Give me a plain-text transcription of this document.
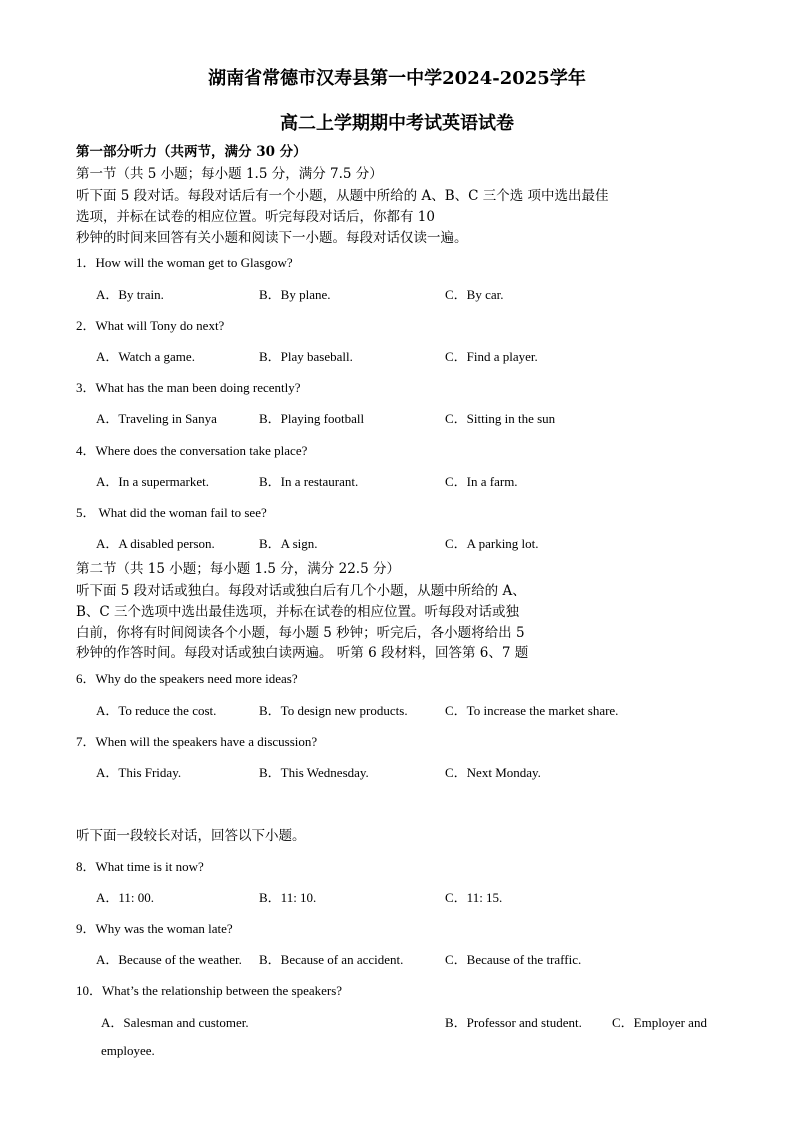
湖南省常德市汉寿县第一中学2024-2025学年
高二上学期期中考试英语试卷
第一部分听力（共两节，满分 30 分）
第一节（共 5 小题；每小题 1.5 分，满分 7.5 分）
听下面 5 段对话。每段对话后有一个小题，从题中所给的 A、B、C 三个选 项中选出最佳
选项，并标在试卷的相应位置。听完每段对话后，你都有 10
秒钟的时间来回答有关小题和阅读下一小题。每段对话仅读一遍。
1．How will the woman get to Glasgow?
A．By train.	B．By plane.	C．By car.
2．What will Tony do next?
A．Watch a game.	B．Play baseball.	C．Find a player.
3．What has the man been doing recently?
A．Traveling in Sanya	B．Playing football	C．Sitting in the sun
4．Where does the conversation take place?
A．In a supermarket.	B．In a restaurant.	C．In a farm.
5． What did the woman fail to see?
A．A disabled person.	B．A sign.	C．A parking lot.
第二节（共 15 小题；每小题 1.5 分，满分 22.5 分）
听下面 5 段对话或独白。每段对话或独白后有几个小题，从题中所给的 A、
B、C 三个选项中选出最佳选项，并标在试卷的相应位置。听每段对话或独
白前，你将有时间阅读各个小题，每小题 5 秒钟；听完后，各小题将给出 5
秒钟的作答时间。每段对话或独白读两遍。 听第 6 段材料，回答第 6、7 题
6．Why do the speakers need more ideas?
A．To reduce the cost.	B．To design new products.	C．To increase the market share.
7．When will the speakers have a discussion?
A．This Friday.	B．This Wednesday.	C．Next Monday.
听下面一段较长对话，回答以下小题。
8．What time is it now?
A．11: 00.	B．11: 10.	C．11: 15.
9．Why was the woman late?
A．Because of the weather. B．Because of an accident.	C．Because of the traffic.
10．What’s the relationship between the speakers?
A．Salesman and customer.	B．Professor and student. C．Employer and
employee.
